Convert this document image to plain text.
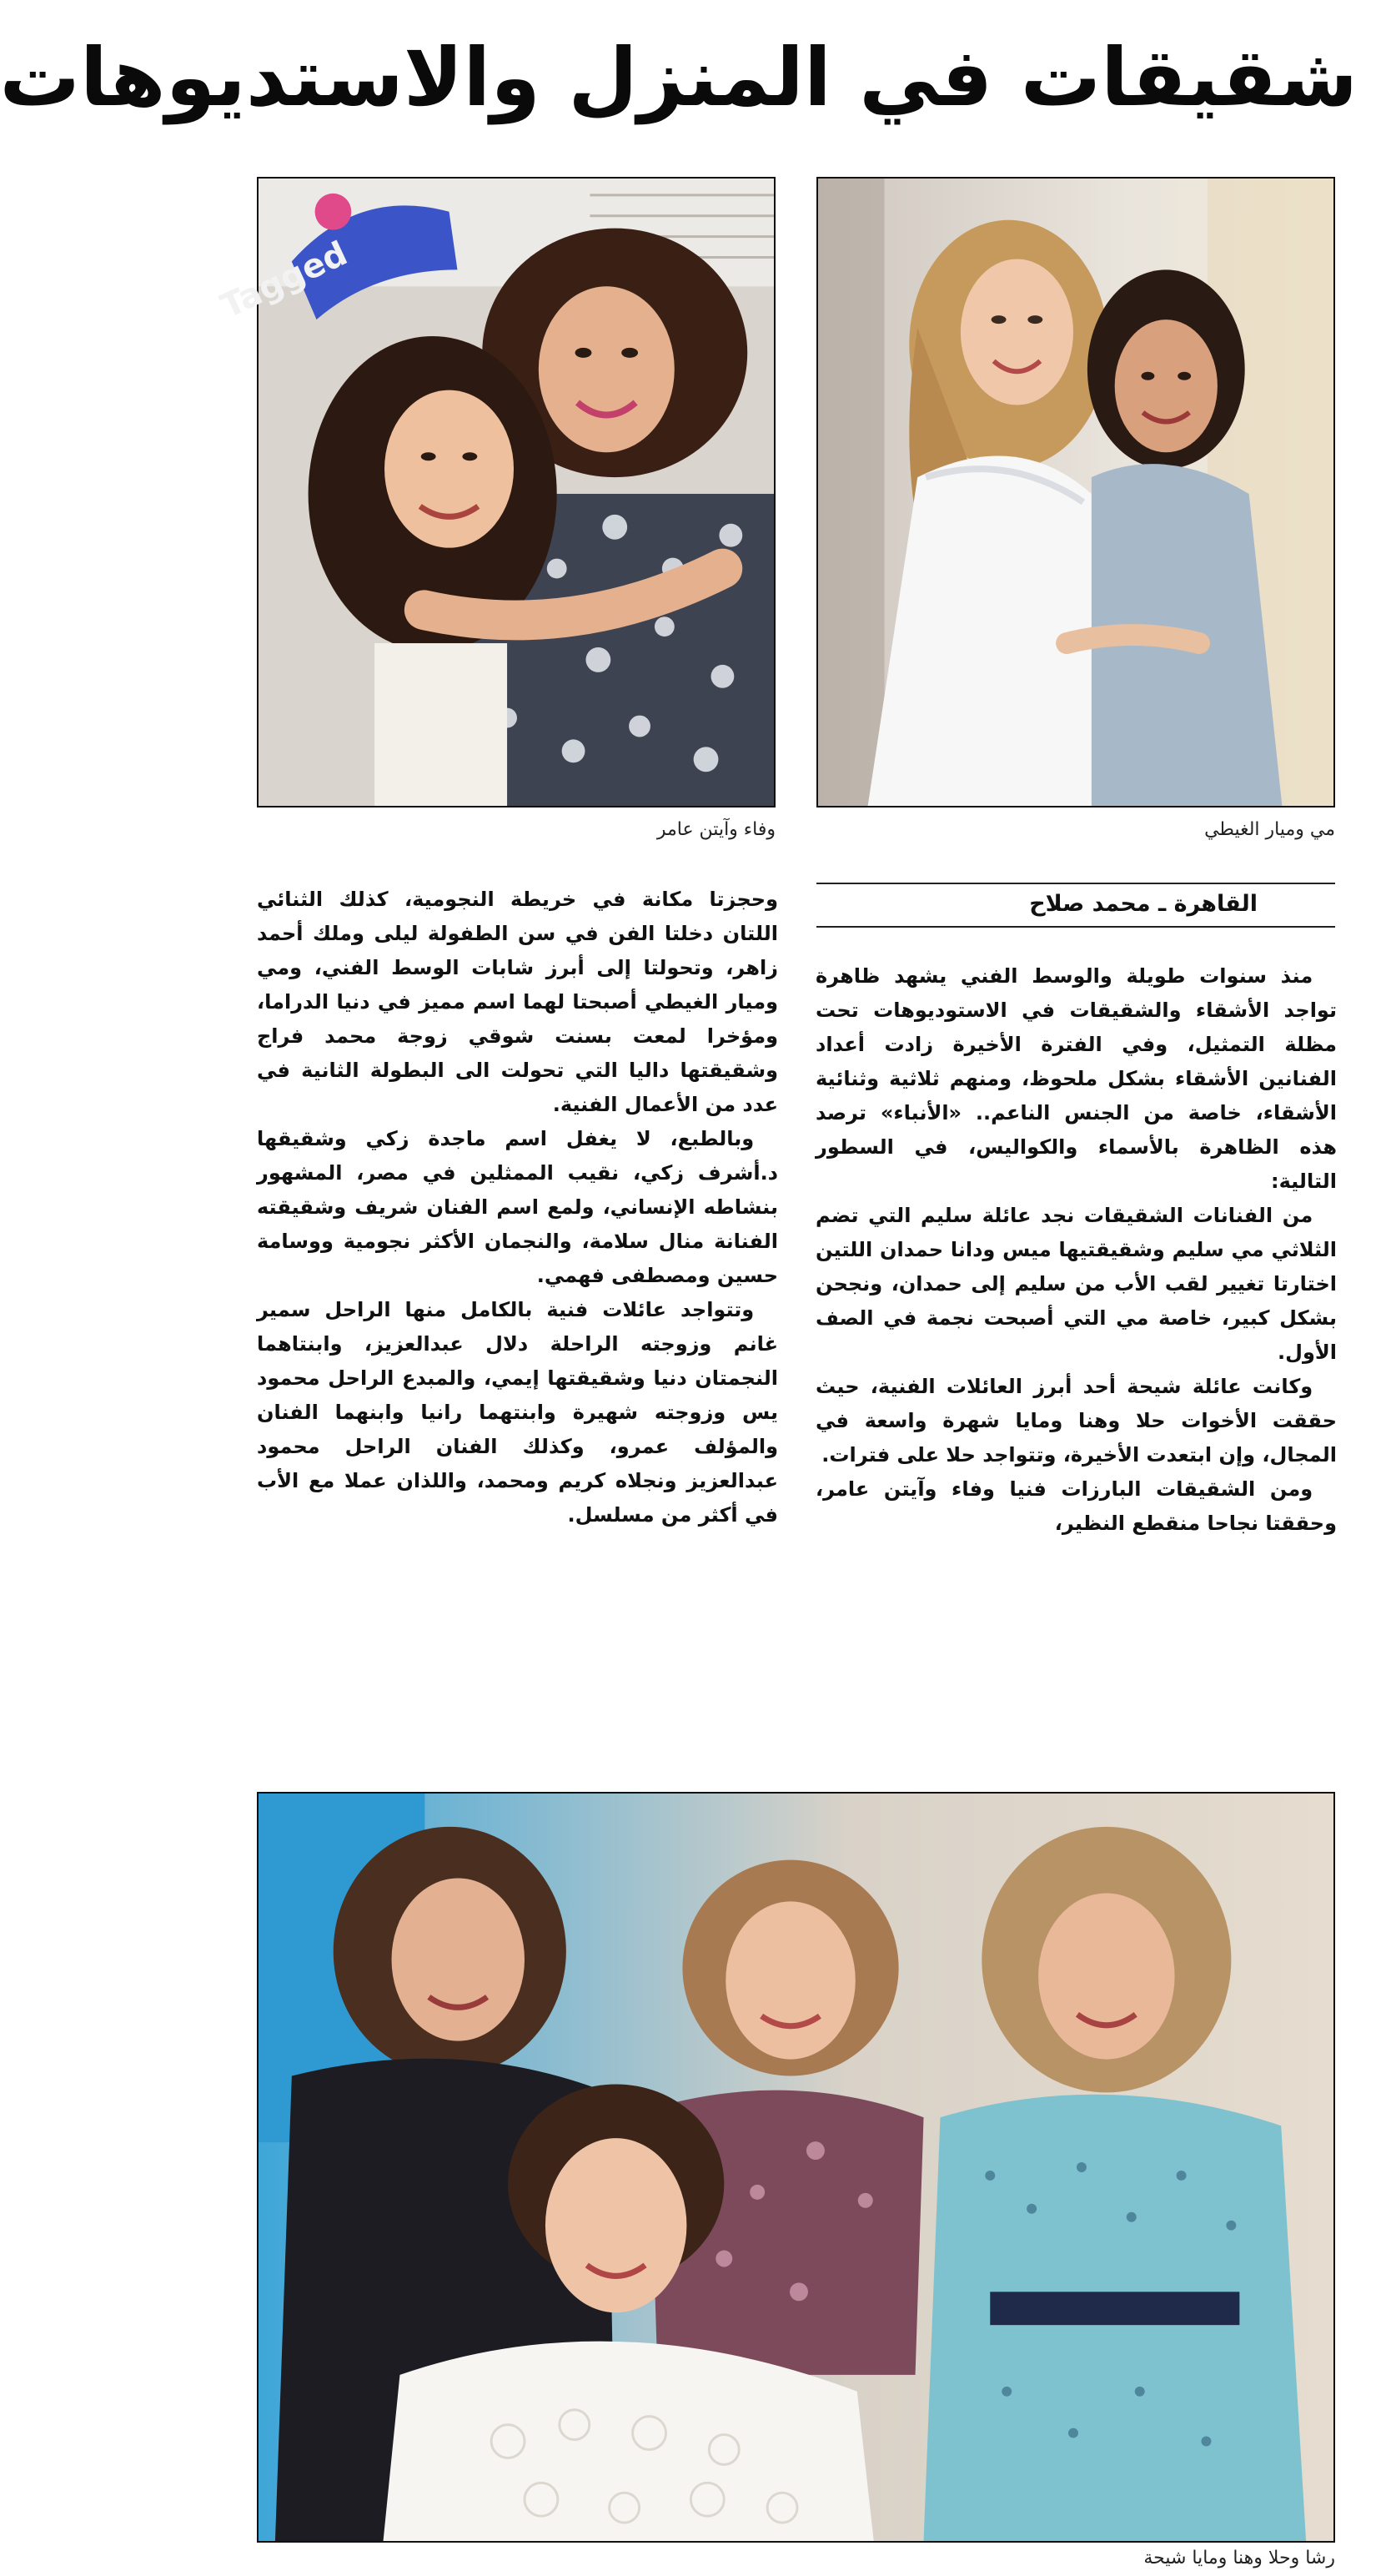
شقيقات في المنزل والاستديوهات
مي وميار الغيطي
Tagged
وفاء وآيتن عامر
القاهرة ـ محمد صلاح

منذ سنوات طويلة والوسط الفني يشهد ظاهرة تواجد الأشقاء والشقيقات في الاستوديوهات تحت مظلة التمثيل، وفي الفترة الأخيرة زادت أعداد الفنانين الأشقاء بشكل ملحوظ، ومنهم ثلاثية وثنائية الأشقاء، خاصة من الجنس الناعم.. «الأنباء» ترصد هذه الظاهرة بالأسماء والكواليس، في السطور التالية:

من الفنانات الشقيقات نجد عائلة سليم التي تضم الثلاثي مي سليم وشقيقتيها ميس ودانا حمدان اللتين اختارتا تغيير لقب الأب من سليم إلى حمدان، ونجحن بشكل كبير، خاصة مي التي أصبحت نجمة في الصف الأول.

وكانت عائلة شيحة أحد أبرز العائلات الفنية، حيث حققت الأخوات حلا وهنا ومايا شهرة واسعة في المجال، وإن ابتعدت الأخيرة، وتتواجد حلا على فترات.

ومن الشقيقات البارزات فنيا وفاء وآيتن عامر، وحققتا نجاحا منقطع النظير،

وحجزتا مكانة في خريطة النجومية، كذلك الثنائي اللتان دخلتا الفن في سن الطفولة ليلى وملك أحمد زاهر، وتحولتا إلى أبرز شابات الوسط الفني، ومي وميار الغيطي أصبحتا لهما اسم مميز في دنيا الدراما، ومؤخرا لمعت بسنت شوقي زوجة محمد فراج وشقيقتها داليا التي تحولت الى البطولة الثانية في عدد من الأعمال الفنية.

وبالطبع، لا يغفل اسم ماجدة زكي وشقيقها د.أشرف زكي، نقيب الممثلين في مصر، المشهور بنشاطه الإنساني، ولمع اسم الفنان شريف وشقيقته الفنانة منال سلامة، والنجمان الأكثر نجومية ووسامة حسين ومصطفى فهمي.

وتتواجد عائلات فنية بالكامل منها الراحل سمير غانم وزوجته الراحلة دلال عبدالعزيز، وابنتاهما النجمتان دنيا وشقيقتها إيمي، والمبدع الراحل محمود يس وزوجته شهيرة وابنتهما رانيا وابنهما الفنان والمؤلف عمرو، وكذلك الفنان الراحل محمود عبدالعزيز ونجلاه كريم ومحمد، واللذان عملا مع الأب في أكثر من مسلسل.

رشا وحلا وهنا ومايا شيحة
